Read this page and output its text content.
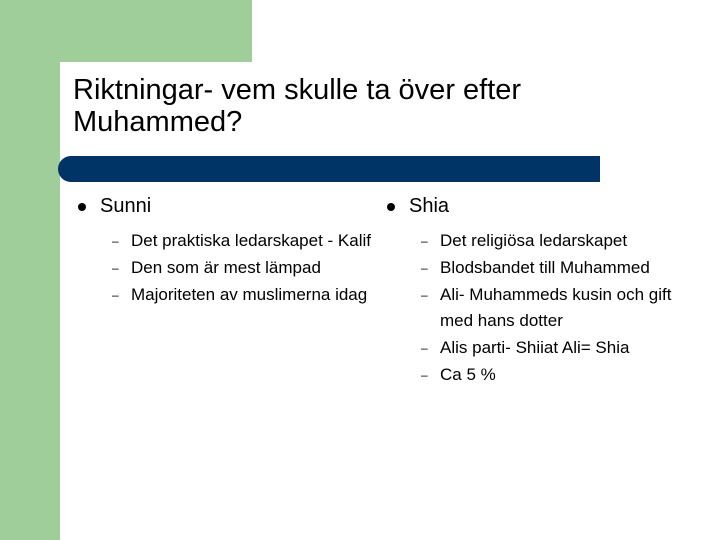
Riktningar- vem skulle ta över efter Muhammed?
Sunni
– Det praktiska ledarskapet - Kalif
– Den som är mest lämpad
– Majoriteten av muslimerna idag
Shia
– Det religiösa ledarskapet
– Blodsbandet till Muhammed
– Ali- Muhammeds kusin och gift med hans dotter
– Alis parti- Shiiat Ali= Shia
– Ca 5 %
